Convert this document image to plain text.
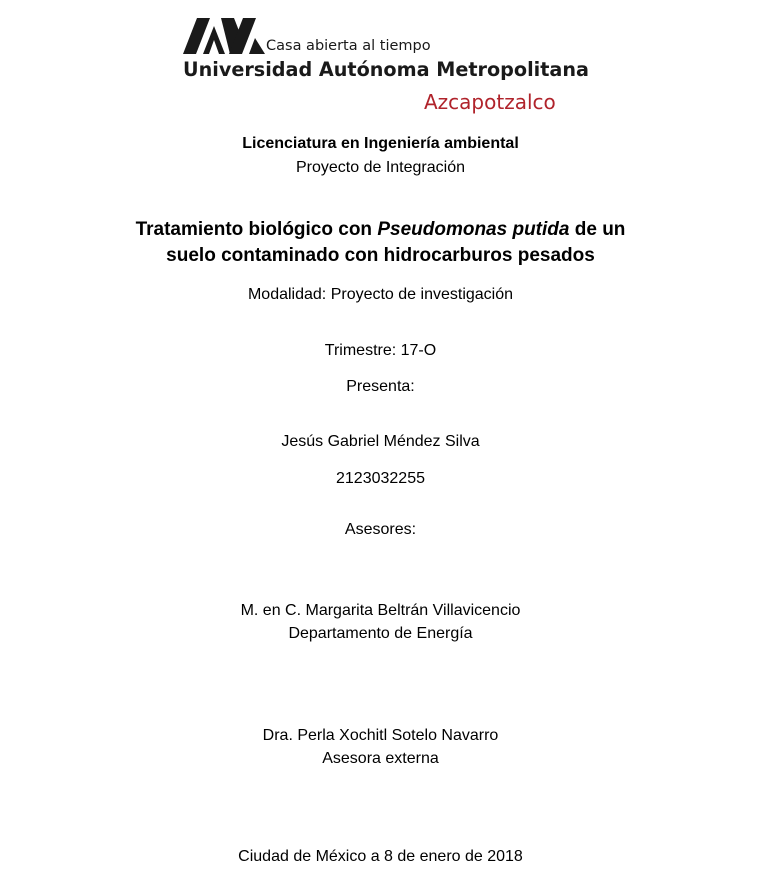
Casa abierta al tiempo
Universidad Autónoma Metropolitana
Azcapotzalco
Licenciatura en Ingeniería ambiental
Proyecto de Integración
Tratamiento biológico con Pseudomonas putida de un
suelo contaminado con hidrocarburos pesados
Modalidad: Proyecto de investigación
Trimestre: 17-O
Presenta:
Jesús Gabriel Méndez Silva
2123032255
Asesores:
M. en C. Margarita Beltrán Villavicencio
Departamento de Energía
Dra. Perla Xochitl Sotelo Navarro
Asesora externa
Ciudad de México a 8 de enero de 2018
